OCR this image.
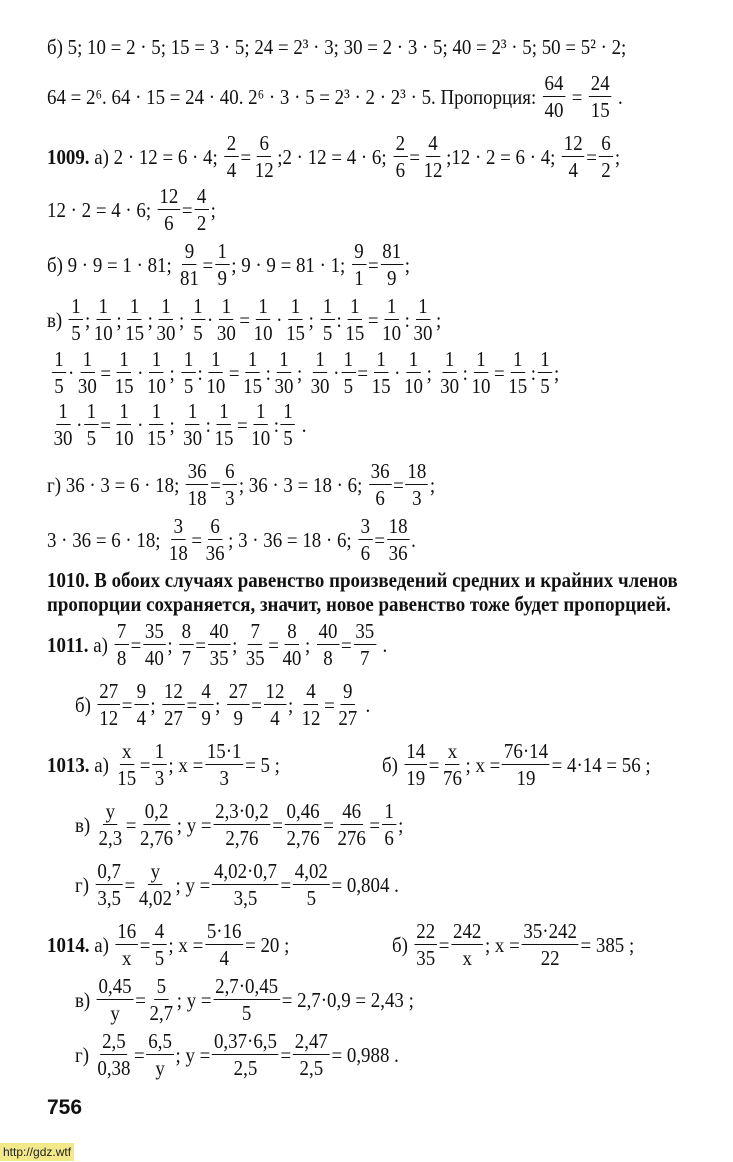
б) 5; 10 = 2 · 5; 15 = 3 · 5; 24 = 2³ · 3; 30 = 2 · 3 · 5; 40 = 2³ · 5; 50 = 5² · 2;
64 = 2⁶. 64 · 15 = 24 · 40. 2⁶ · 3 · 5 = 2³ · 2 · 2³ · 5. Пропорция: $\frac{64}{40} = \frac{24}{15}$ .
1009. а) 2 · 12 = 6 · 4; $\frac{2}{4} = \frac{6}{12}$ ;2 · 12 = 4 · 6; $\frac{2}{6} = \frac{4}{12}$ ;12 · 2 = 6 · 4; $\frac{12}{4} = \frac{6}{2}$ ;
12 · 2 = 4 · 6; $\frac{12}{6} = \frac{4}{2}$ ;
б) 9 · 9 = 1 · 81; $\frac{9}{81} = \frac{1}{9}$ ; 9 · 9 = 81 · 1; $\frac{9}{1} = \frac{81}{9}$ ;
$в) \frac{1}{5}$ ; $\frac{1}{10}$ ; $\frac{1}{15}$ ; $\frac{1}{30}$ ; $\frac{1}{5} \cdot \frac{1}{30} = \frac{1}{10} \cdot \frac{1}{15}$ ; $\frac{1}{5}$ : $\frac{1}{15} = \frac{1}{10}$ : $\frac{1}{30}$ ;
$\frac{1}{5} \cdot \frac{1}{30} = \frac{1}{15} \cdot \frac{1}{10}$ ; $\frac{1}{5}$ : $\frac{1}{10} = \frac{1}{15}$ : $\frac{1}{30}$ ; $\frac{1}{30} \cdot \frac{1}{5} = \frac{1}{15} \cdot \frac{1}{10}$ ; $\frac{1}{30}$ : $\frac{1}{10} = \frac{1}{15}$ : $\frac{1}{5}$ ;
$\frac{1}{30} \cdot \frac{1}{5} = \frac{1}{10} \cdot \frac{1}{15}$ ; $\frac{1}{30}$ : $\frac{1}{15} = \frac{1}{10}$ : $\frac{1}{5}$ .
г) 36 · 3 = 6 · 18; $\frac{36}{18} = \frac{6}{3}$ ; 36 · 3 = 18 · 6; $\frac{36}{6} = \frac{18}{3}$ ;
3 · 36 = 6 · 18; $\frac{3}{18} = \frac{6}{36}$ ; 3 · 36 = 18 · 6; $\frac{3}{6} = \frac{18}{36}$ .
1010. В обоих случаях равенство произведений средних и крайних членов
пропорции сохраняется, значит, новое равенство тоже будет пропорцией.
1011. $а) \frac{7}{8} = \frac{35}{40}$ ; $\frac{8}{7} = \frac{40}{35}$ ; $\frac{7}{35} = \frac{8}{40}$ ; $\frac{40}{8} = \frac{35}{7}$ .
$б) \frac{27}{12} = \frac{9}{4}$ ; $\frac{12}{27} = \frac{4}{9}$ ; $\frac{27}{9} = \frac{12}{4}$ ; $\frac{4}{12} = \frac{9}{27}$ .
1013. $а) \frac{x}{15} = \frac{1}{3}$ ; $x = \frac{15\cdot 1}{3} = 5$ ;	$б) \frac{14}{19} = \frac{x}{76}$ ; $x = \frac{76\cdot 14}{19} = 4\cdot 14 = 56$ ;
$в) \frac{y}{2,3} = \frac{0,2}{2,76}$ ; $y = \frac{2,3\cdot 0,2}{2,76} = \frac{0,46}{2,76} = \frac{46}{276} = \frac{1}{6}$ ;
$г) \frac{0,7}{3,5} = \frac{y}{4,02}$ ; $y = \frac{4,02\cdot 0,7}{3,5} = \frac{4,02}{5} = 0,804$ .
1014. $а) \frac{16}{x} = \frac{4}{5}$ ; $x = \frac{5\cdot 16}{4} = 20$ ;	$б) \frac{22}{35} = \frac{242}{x}$ ; $x = \frac{35\cdot 242}{22} = 385$ ;
$в) \frac{0,45}{y} = \frac{5}{2,7}$ ; $y = \frac{2,7\cdot 0,45}{5} = 2,7\cdot 0,9 = 2,43$ ;
$г) \frac{2,5}{0,38} = \frac{6,5}{y}$ ; $y = \frac{0,37\cdot 6,5}{2,5} = \frac{2,47}{2,5} = 0,988$ .
756
http://gdz.wtf
